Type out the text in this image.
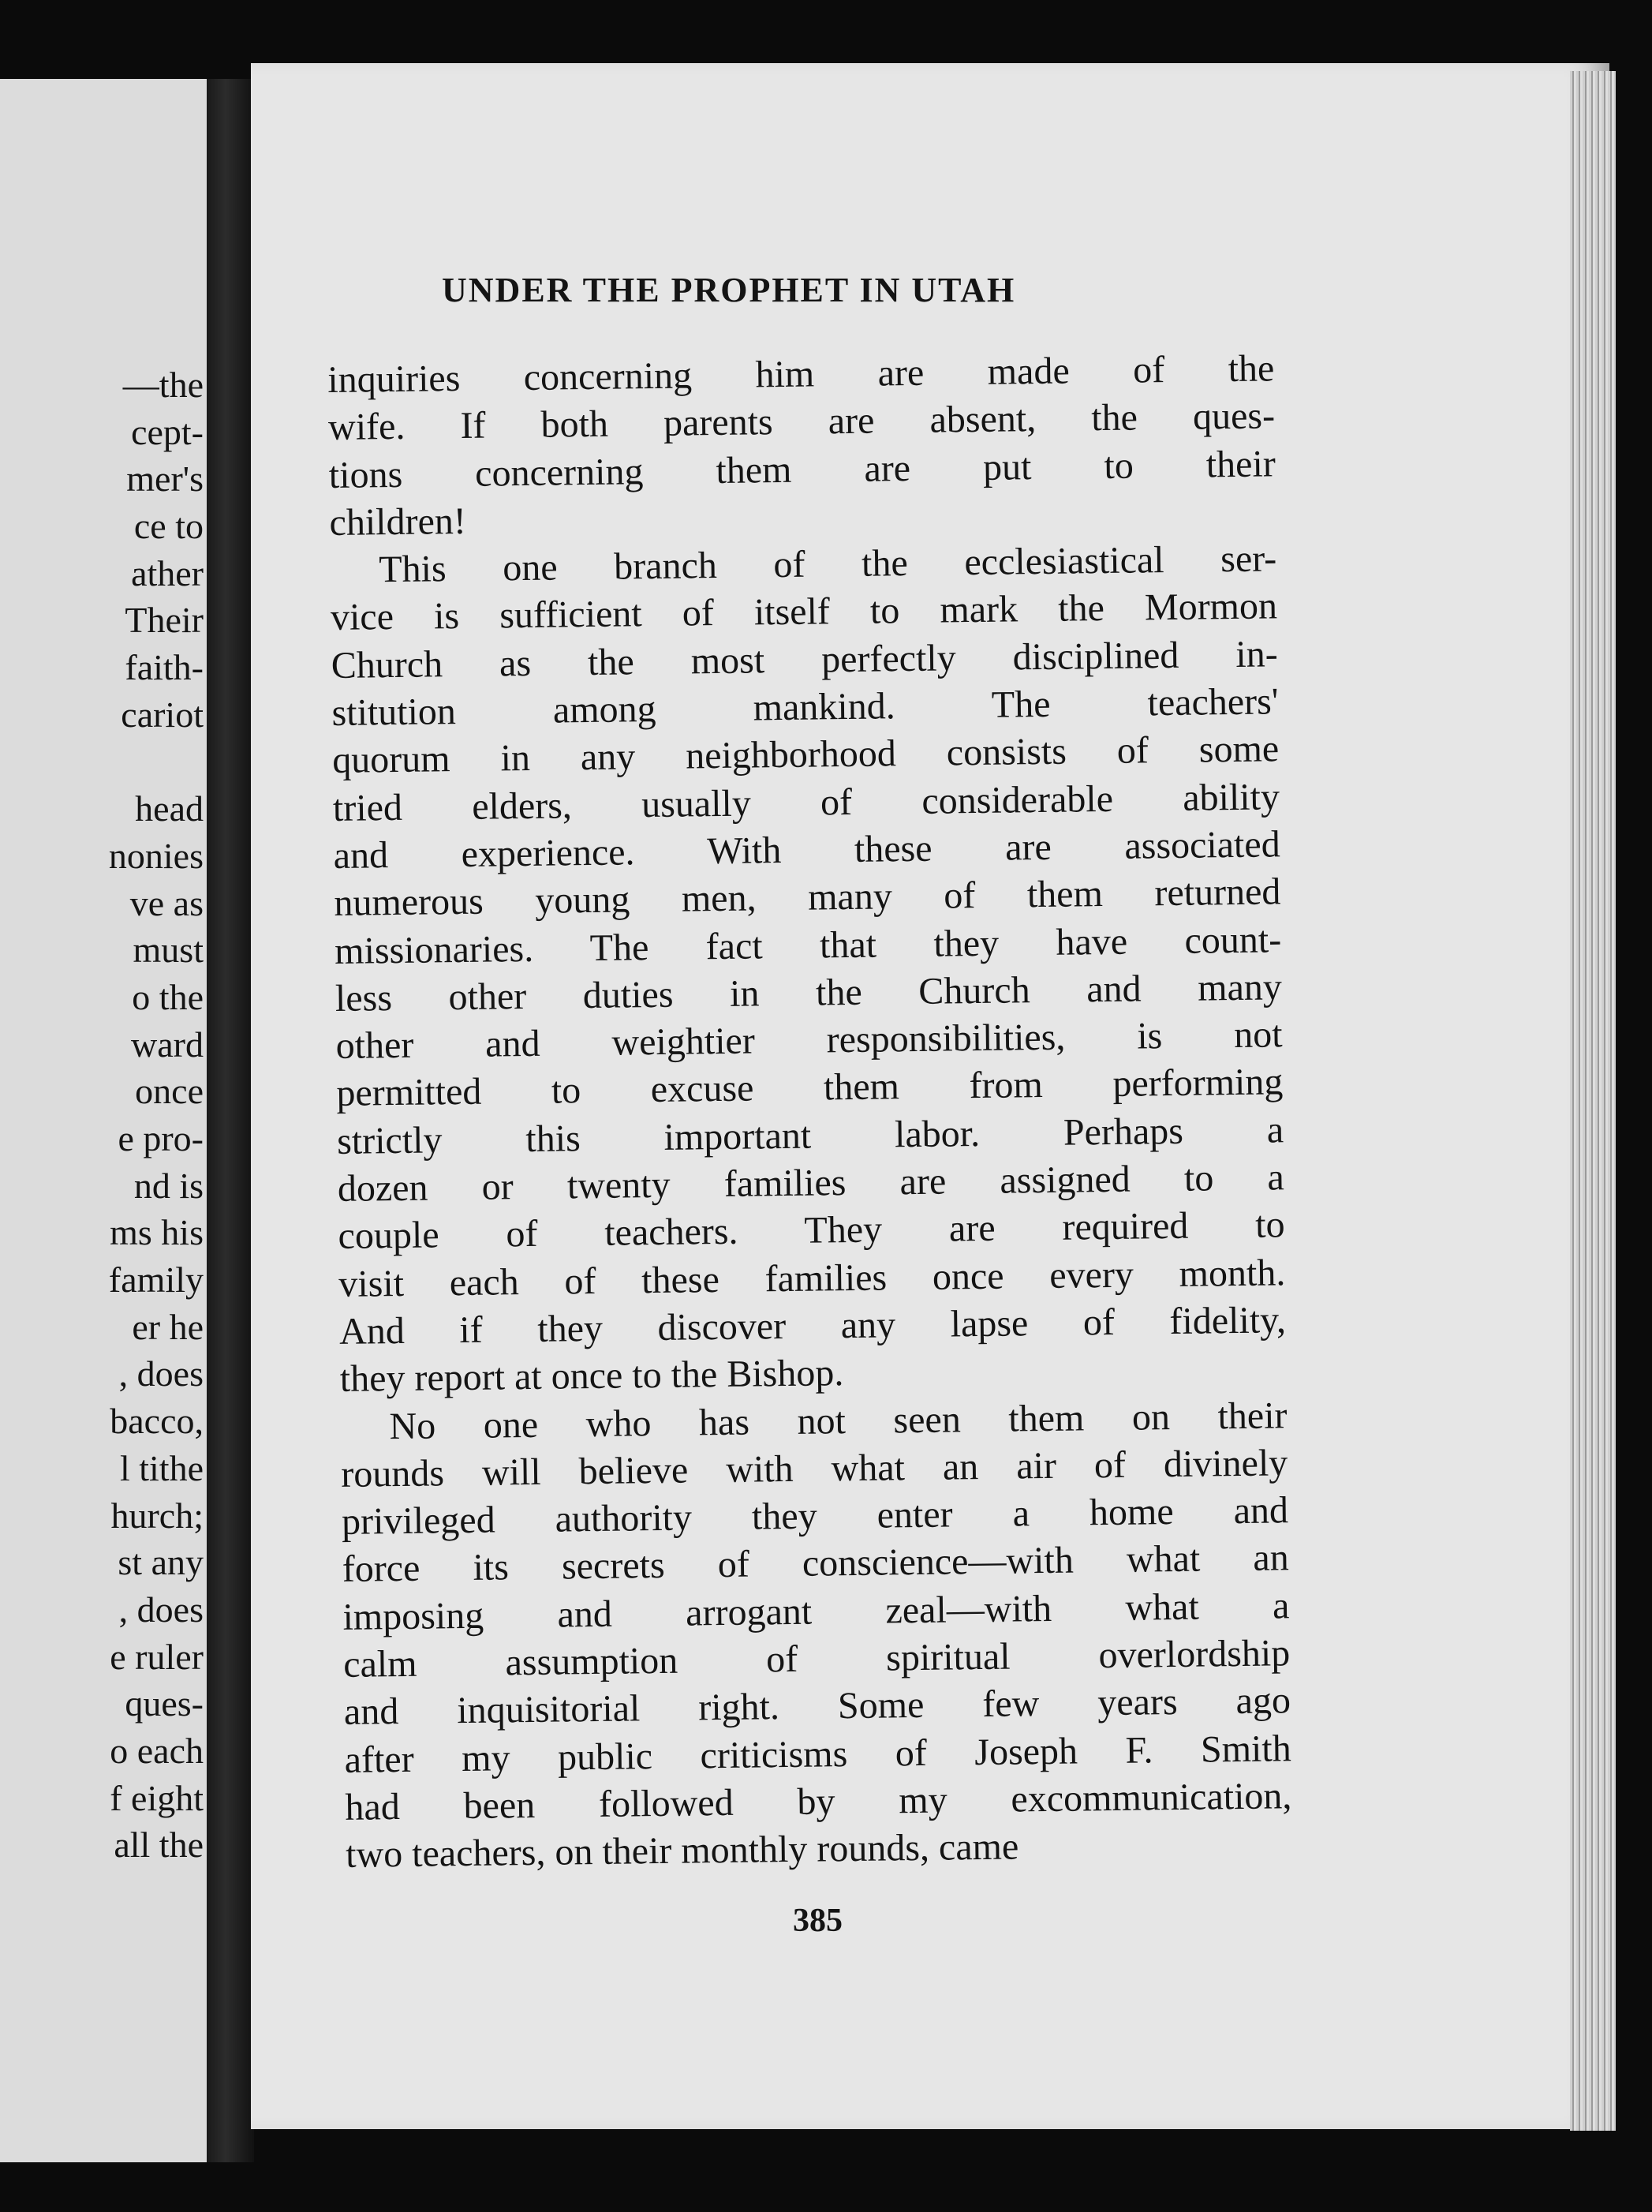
—the
cept-
mer's
ce to
ather
Their
faith-
cariot
head
nonies
ve as
must
o the
ward
once
e pro-
nd is
ms his
family
er he
, does
bacco,
l tithe
hurch;
st any
, does
e ruler
ques-
o each
f eight
all the
UNDER THE PROPHET IN UTAH
inquiries concerning him are made of the
wife. If both parents are absent, the ques-
tions concerning them are put to their
children!
This one branch of the ecclesiastical ser-
vice is sufficient of itself to mark the Mormon
Church as the most perfectly disciplined in-
stitution among mankind. The teachers'
quorum in any neighborhood consists of some
tried elders, usually of considerable ability
and experience. With these are associated
numerous young men, many of them returned
missionaries. The fact that they have count-
less other duties in the Church and many
other and weightier responsibilities, is not
permitted to excuse them from performing
strictly this important labor. Perhaps a
dozen or twenty families are assigned to a
couple of teachers. They are required to
visit each of these families once every month.
And if they discover any lapse of fidelity,
they report at once to the Bishop.
No one who has not seen them on their
rounds will believe with what an air of divinely
privileged authority they enter a home and
force its secrets of conscience—with what an
imposing and arrogant zeal—with what a
calm assumption of spiritual overlordship
and inquisitorial right. Some few years ago
after my public criticisms of Joseph F. Smith
had been followed by my excommunication,
two teachers, on their monthly rounds, came
385
